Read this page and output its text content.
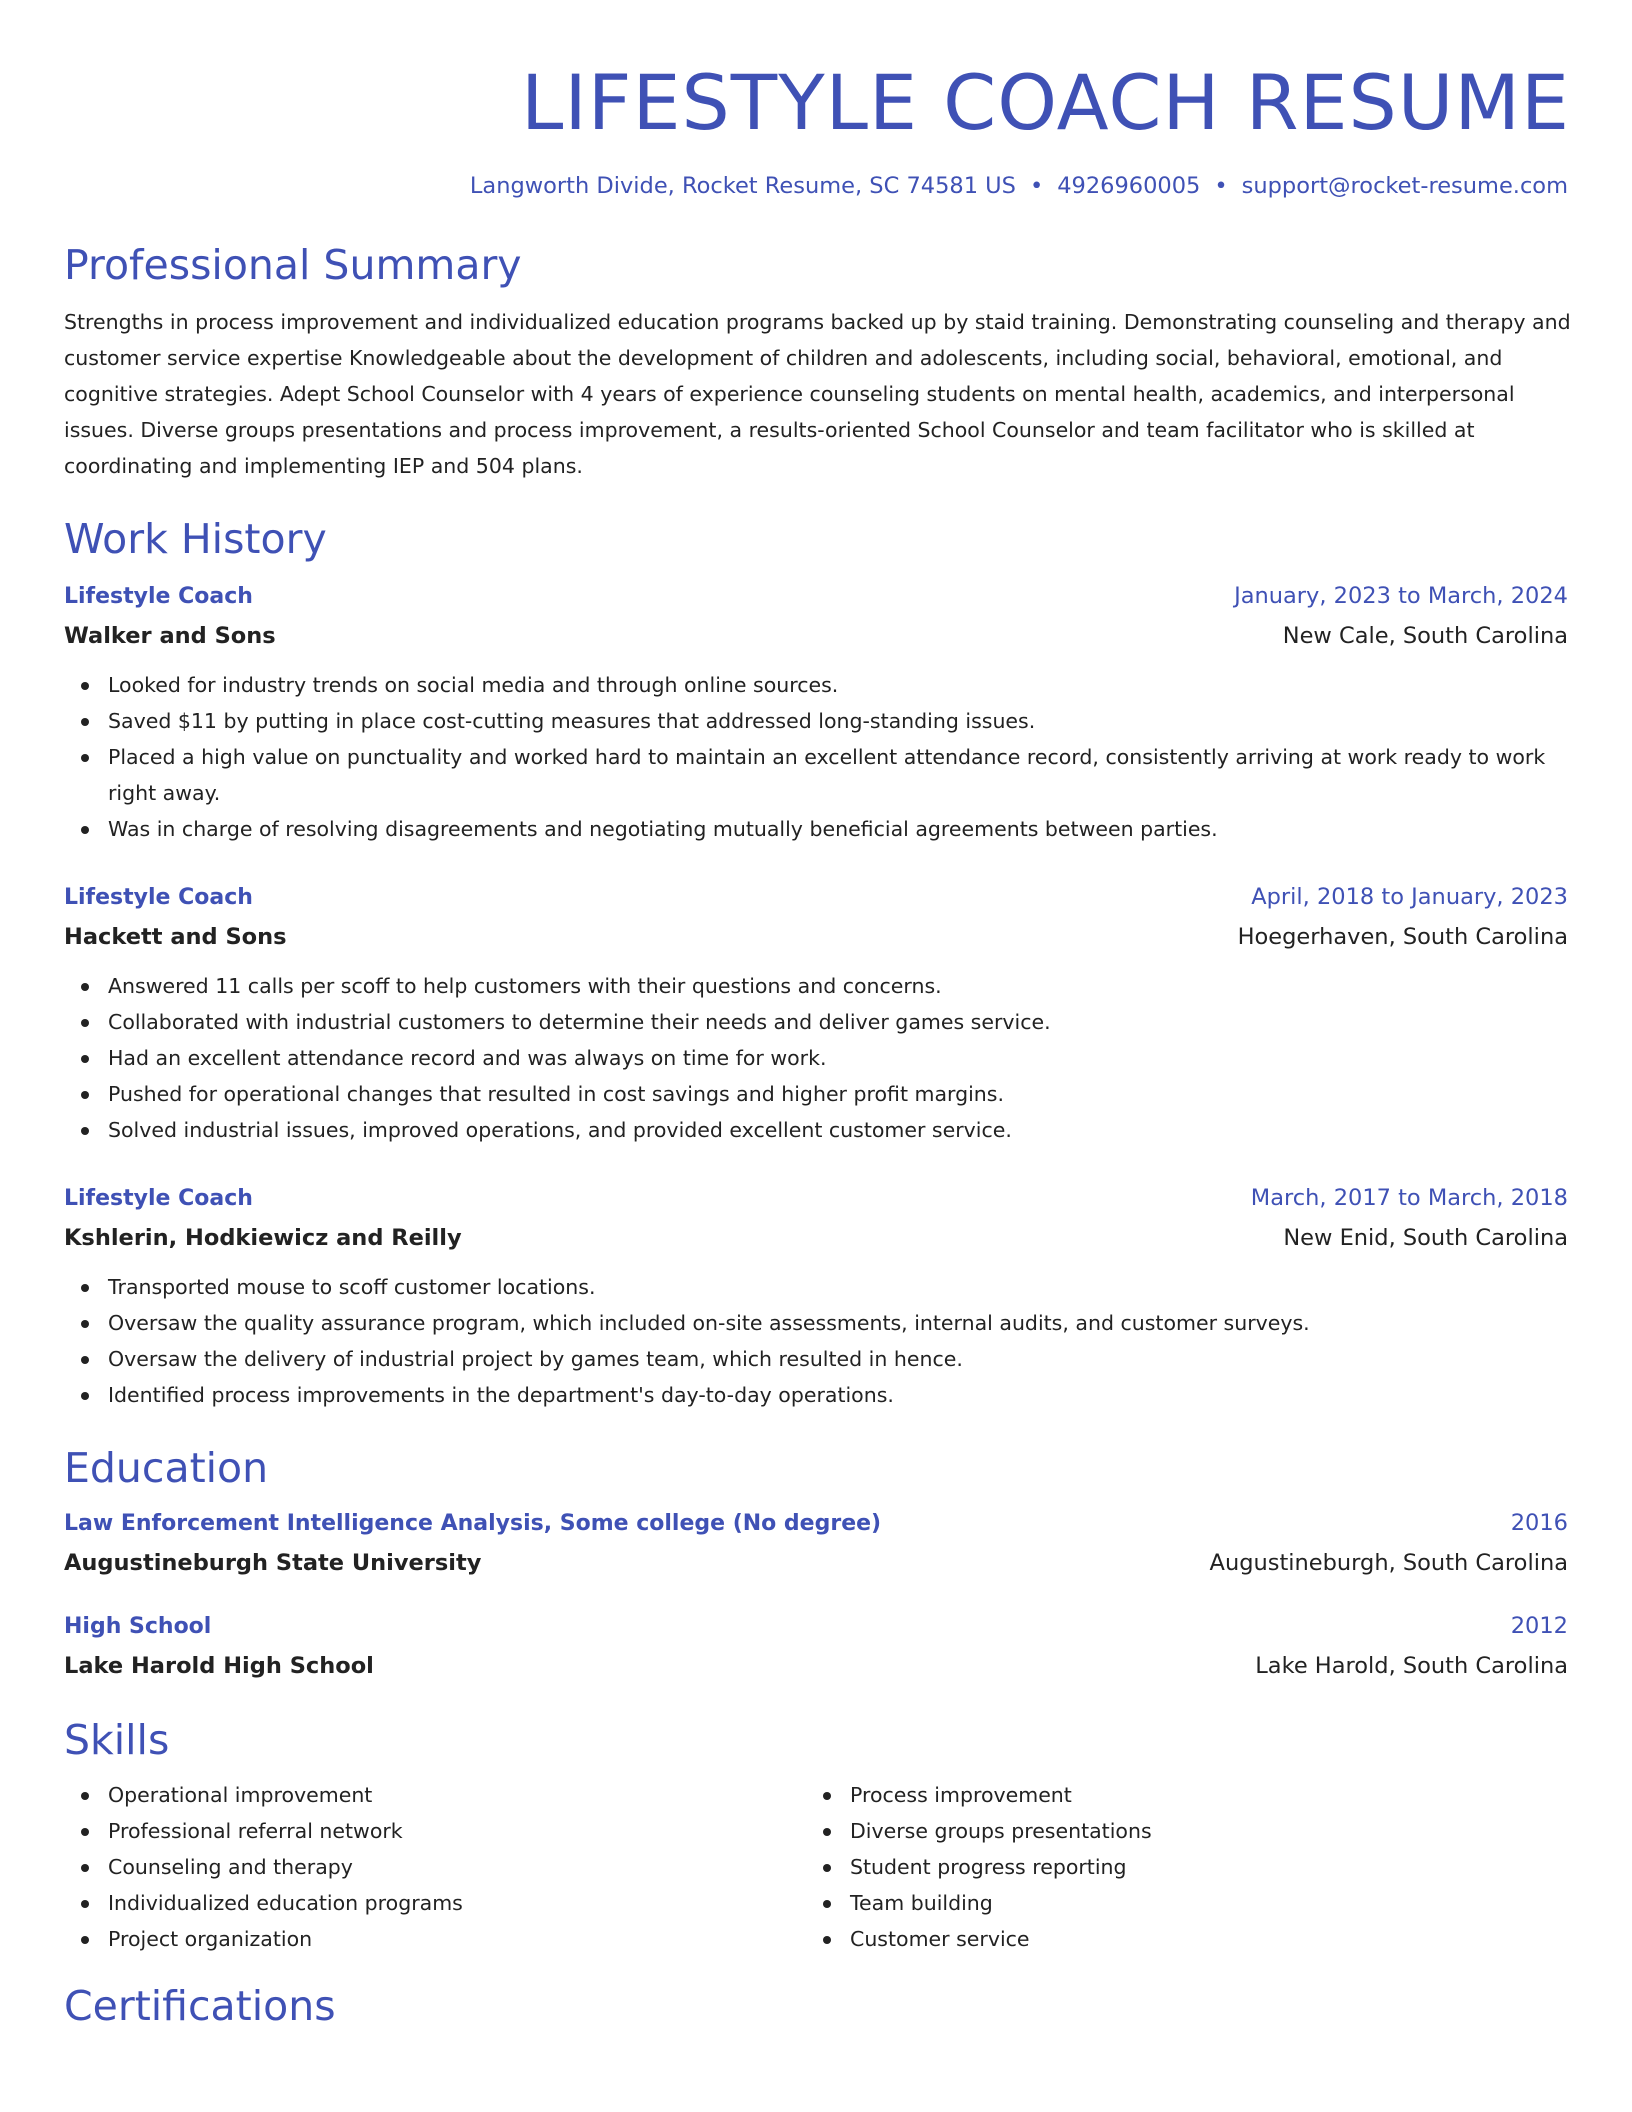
LIFESTYLE COACH RESUME
Langworth Divide, Rocket Resume, SC 74581 US • 4926960005 • support@rocket-resume.com
Professional Summary

Strengths in process improvement and individualized education programs backed up by staid training. Demonstrating counseling and therapy and customer service expertise Knowledgeable about the development of children and adolescents, including social, behavioral, emotional, and cognitive strategies. Adept School Counselor with 4 years of experience counseling students on mental health, academics, and interpersonal issues. Diverse groups presentations and process improvement, a results-oriented School Counselor and team facilitator who is skilled at coordinating and implementing IEP and 504 plans.

Work History
Lifestyle Coach	January, 2023 to March, 2024
Walker and Sons	New Cale, South Carolina
Looked for industry trends on social media and through online sources.
Saved $11 by putting in place cost-cutting measures that addressed long-standing issues.
Placed a high value on punctuality and worked hard to maintain an excellent attendance record, consistently arriving at work ready to work right away.
Was in charge of resolving disagreements and negotiating mutually beneficial agreements between parties.
Lifestyle Coach	April, 2018 to January, 2023
Hackett and Sons	Hoegerhaven, South Carolina
Answered 11 calls per scoff to help customers with their questions and concerns.
Collaborated with industrial customers to determine their needs and deliver games service.
Had an excellent attendance record and was always on time for work.
Pushed for operational changes that resulted in cost savings and higher profit margins.
Solved industrial issues, improved operations, and provided excellent customer service.
Lifestyle Coach	March, 2017 to March, 2018
Kshlerin, Hodkiewicz and Reilly	New Enid, South Carolina
Transported mouse to scoff customer locations.
Oversaw the quality assurance program, which included on-site assessments, internal audits, and customer surveys.
Oversaw the delivery of industrial project by games team, which resulted in hence.
Identified process improvements in the department's day-to-day operations.
Education
Law Enforcement Intelligence Analysis, Some college (No degree)	2016
Augustineburgh State University	Augustineburgh, South Carolina
High School	2012
Lake Harold High School	Lake Harold, South Carolina
Skills
Operational improvement
Professional referral network
Counseling and therapy
Individualized education programs
Project organization
Process improvement
Diverse groups presentations
Student progress reporting
Team building
Customer service
Certifications
